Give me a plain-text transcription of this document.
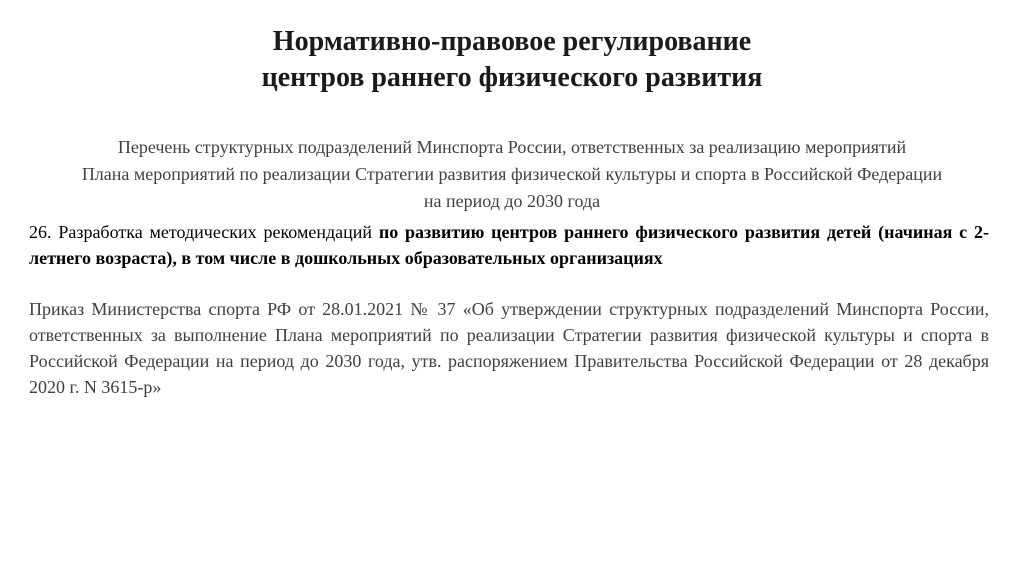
Нормативно-правовое регулирование
центров раннего физического развития
Перечень структурных подразделений Минспорта России, ответственных за реализацию мероприятий
Плана мероприятий по реализации Стратегии развития физической культуры и спорта в Российской Федерации
на период до 2030 года
26. Разработка методических рекомендаций по развитию центров раннего физического развития детей (начиная с 2-летнего возраста), в том числе в дошкольных образовательных организациях
Приказ Министерства спорта РФ от 28.01.2021 № 37 «Об утверждении структурных подразделений Минспорта России, ответственных за выполнение Плана мероприятий по реализации Стратегии развития физической культуры и спорта в Российской Федерации на период до 2030 года, утв. распоряжением Правительства Российской Федерации от 28 декабря 2020 г. N 3615-р»
